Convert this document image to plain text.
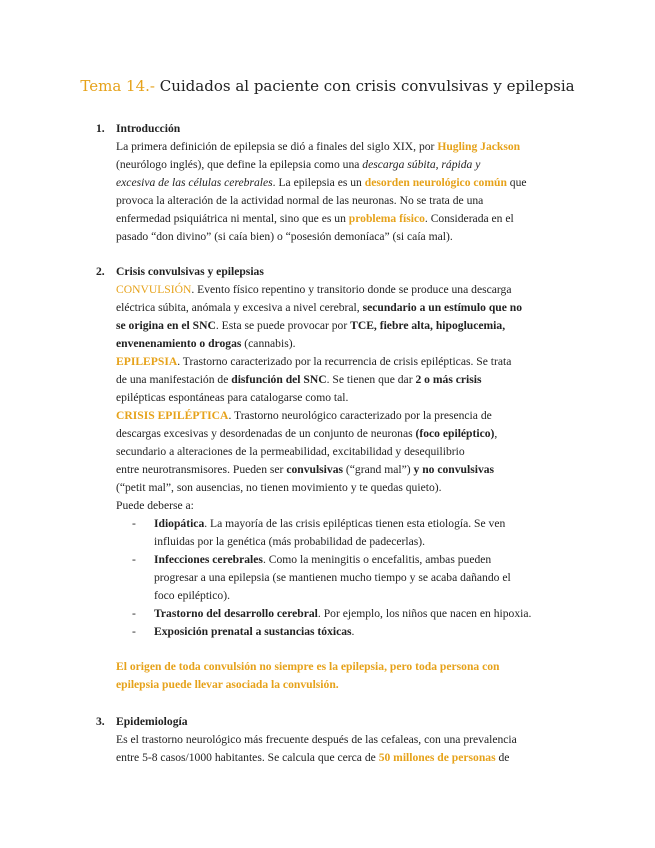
Tema 14.- Cuidados al paciente con crisis convulsivas y epilepsia
1. Introducción
La primera definición de epilepsia se dió a finales del siglo XIX, por Hugling Jackson
(neurólogo inglés), que define la epilepsia como una descarga súbita, rápida y
excesiva de las células cerebrales. La epilepsia es un desorden neurológico común que
provoca la alteración de la actividad normal de las neuronas. No se trata de una
enfermedad psiquiátrica ni mental, sino que es un problema físico. Considerada en el
pasado “don divino” (si caía bien) o “posesión demoníaca” (si caía mal).
2. Crisis convulsivas y epilepsias
CONVULSIÓN. Evento físico repentino y transitorio donde se produce una descarga
eléctrica súbita, anómala y excesiva a nivel cerebral, secundario a un estímulo que no
se origina en el SNC. Esta se puede provocar por TCE, fiebre alta, hipoglucemia,
envenenamiento o drogas (cannabis).
EPILEPSIA. Trastorno caracterizado por la recurrencia de crisis epilépticas. Se trata
de una manifestación de disfunción del SNC. Se tienen que dar 2 o más crisis
epilépticas espontáneas para catalogarse como tal.
CRISIS EPILÉPTICA. Trastorno neurológico caracterizado por la presencia de
descargas excesivas y desordenadas de un conjunto de neuronas (foco epiléptico),
secundario a alteraciones de la permeabilidad, excitabilidad y desequilibrio
entre neurotransmisores. Pueden ser convulsivas (“grand mal”) y no convulsivas
(“petit mal”, son ausencias, no tienen movimiento y te quedas quieto).
Puede deberse a:
- Idiopática. La mayoría de las crisis epilépticas tienen esta etiología. Se ven
influidas por la genética (más probabilidad de padecerlas).
- Infecciones cerebrales. Como la meningitis o encefalitis, ambas pueden
progresar a una epilepsia (se mantienen mucho tiempo y se acaba dañando el
foco epiléptico).
- Trastorno del desarrollo cerebral. Por ejemplo, los niños que nacen en hipoxia.
- Exposición prenatal a sustancias tóxicas.
El origen de toda convulsión no siempre es la epilepsia, pero toda persona con
epilepsia puede llevar asociada la convulsión.
3. Epidemiología
Es el trastorno neurológico más frecuente después de las cefaleas, con una prevalencia
entre 5-8 casos/1000 habitantes. Se calcula que cerca de 50 millones de personas de
